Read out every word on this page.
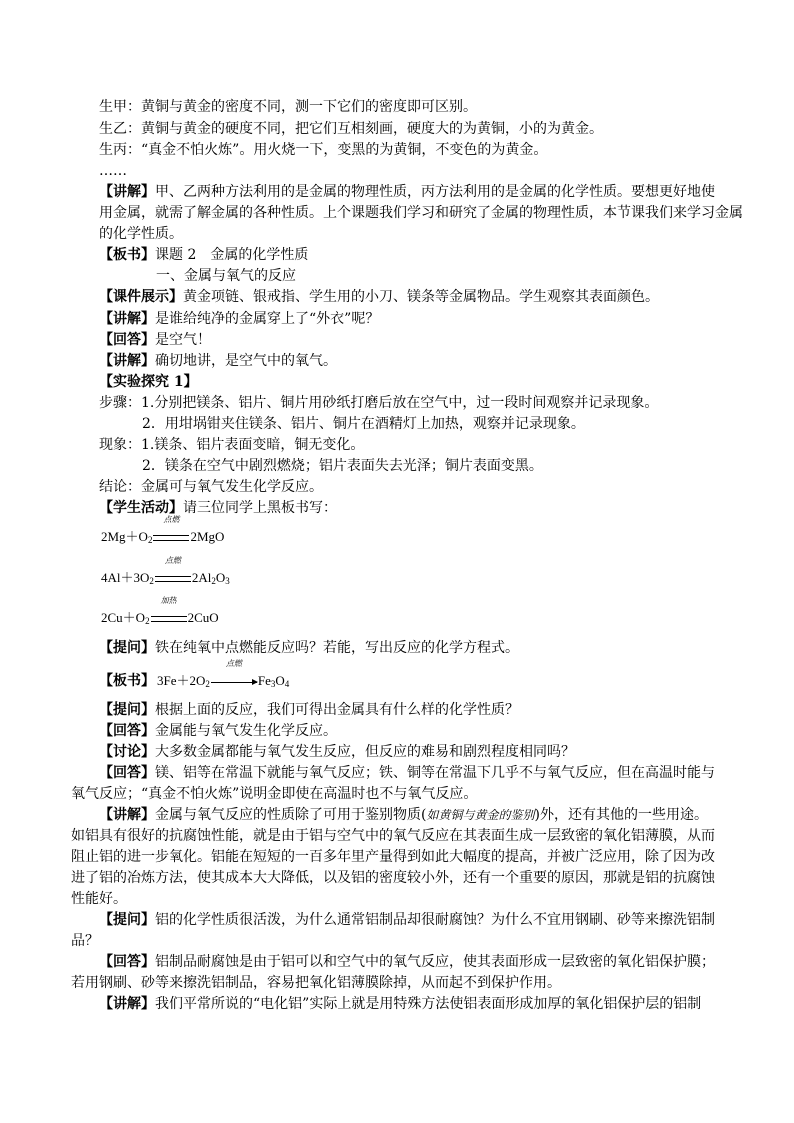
生甲：黄铜与黄金的密度不同，测一下它们的密度即可区别。
生乙：黄铜与黄金的硬度不同，把它们互相刻画，硬度大的为黄铜，小的为黄金。
生丙：“真金不怕火炼”。用火烧一下，变黑的为黄铜，不变色的为黄金。
……
【讲解】甲、乙两种方法利用的是金属的物理性质，丙方法利用的是金属的化学性质。要想更好地使
用金属，就需了解金属的各种性质。上个课题我们学习和研究了金属的物理性质，本节课我们来学习金属
的化学性质。
【板书】课题 2　金属的化学性质
一、金属与氧气的反应
【课件展示】黄金项链、银戒指、学生用的小刀、镁条等金属物品。学生观察其表面颜色。
【讲解】是谁给纯净的金属穿上了“外衣”呢？
【回答】是空气！
【讲解】确切地讲，是空气中的氧气。
【实验探究 1】
步骤：1.分别把镁条、铝片、铜片用砂纸打磨后放在空气中，过一段时间观察并记录现象。
2．用坩埚钳夹住镁条、铝片、铜片在酒精灯上加热，观察并记录现象。
现象：1.镁条、铝片表面变暗，铜无变化。
2．镁条在空气中剧烈燃烧；铝片表面失去光泽；铜片表面变黑。
结论：金属可与氧气发生化学反应。
【学生活动】请三位同学上黑板书写：
$2Mg+O_2$
点燃
2MgO
$4Al+3O_2$
点燃
$2Al_2O_3$
$2Cu+O_2$
加热
2CuO
【提问】铁在纯氧中点燃能反应吗？若能，写出反应的化学方程式。
【板书】 $3Fe+2O_2$
点燃
$Fe_3O_4$
【提问】根据上面的反应，我们可得出金属具有什么样的化学性质？
【回答】金属能与氧气发生化学反应。
【讨论】大多数金属都能与氧气发生反应，但反应的难易和剧烈程度相同吗？
【回答】镁、铝等在常温下就能与氧气反应；铁、铜等在常温下几乎不与氧气反应，但在高温时能与
氧气反应；“真金不怕火炼”说明金即使在高温时也不与氧气反应。
【讲解】金属与氧气反应的性质除了可用于鉴别物质(如黄铜与黄金的鉴别)外，还有其他的一些用途。
如铝具有很好的抗腐蚀性能，就是由于铝与空气中的氧气反应在其表面生成一层致密的氧化铝薄膜，从而
阻止铝的进一步氧化。铝能在短短的一百多年里产量得到如此大幅度的提高，并被广泛应用，除了因为改
进了铝的冶炼方法，使其成本大大降低，以及铝的密度较小外，还有一个重要的原因，那就是铝的抗腐蚀
性能好。
【提问】铝的化学性质很活泼，为什么通常铝制品却很耐腐蚀？为什么不宜用钢刷、砂等来擦洗铝制
品？
【回答】铝制品耐腐蚀是由于铝可以和空气中的氧气反应，使其表面形成一层致密的氧化铝保护膜；
若用钢刷、砂等来擦洗铝制品，容易把氧化铝薄膜除掉，从而起不到保护作用。
【讲解】我们平常所说的“电化铝”实际上就是用特殊方法使铝表面形成加厚的氧化铝保护层的铝制
